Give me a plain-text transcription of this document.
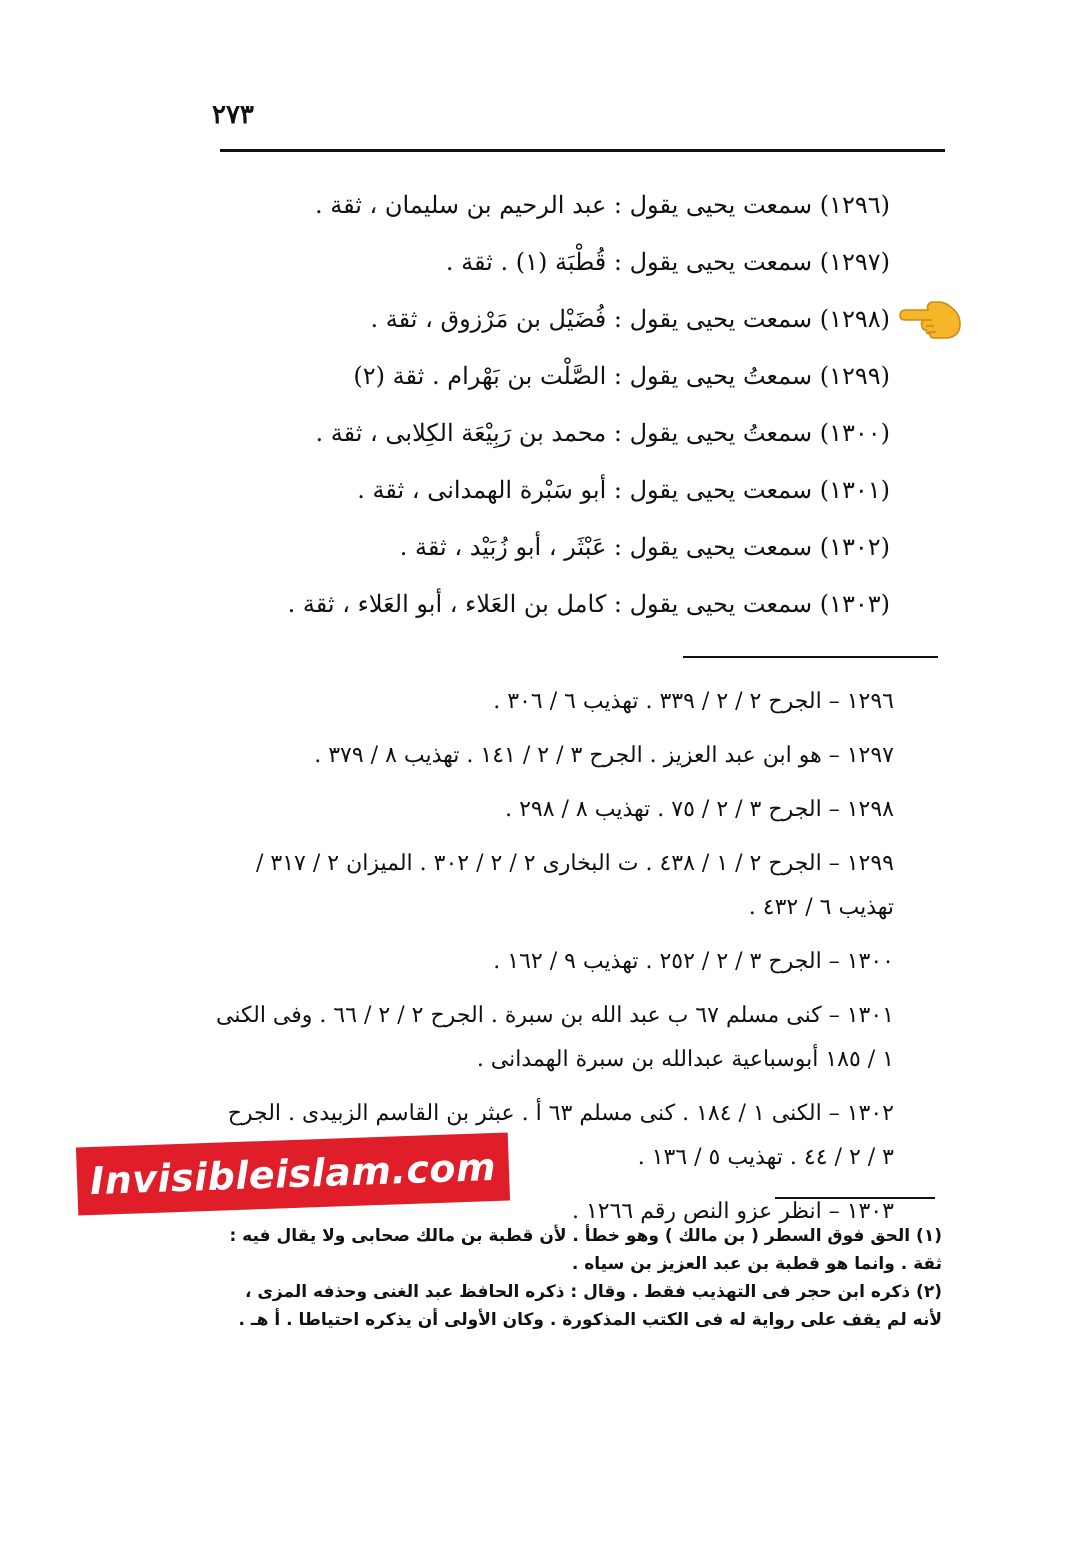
٢٧٣
(١٢٩٦) سمعت يحيى يقول : عبد الرحيم بن سليمان ، ثقة .
(١٢٩٧) سمعت يحيى يقول : قُطْبَة (١) . ثقة .
(١٢٩٨) سمعت يحيى يقول : فُضَيْل بن مَرْزوق ، ثقة .
(١٢٩٩) سمعتُ يحيى يقول : الصَّلْت بن بَهْرام . ثقة (٢)
(١٣٠٠) سمعتُ يحيى يقول : محمد بن رَبِيْعَة الكِلابى ، ثقة .
(١٣٠١) سمعت يحيى يقول : أبو سَبْرة الهمدانى ، ثقة .
(١٣٠٢) سمعت يحيى يقول : عَبْثَر ، أبو زُبَيْد ، ثقة .
(١٣٠٣) سمعت يحيى يقول : كامل بن العَلاء ، أبو العَلاء ، ثقة .
١٢٩٦ – الجرح ٢ / ٢ / ٣٣٩ . تهذيب ٦ / ٣٠٦ .
١٢٩٧ – هو ابن عبد العزيز . الجرح ٣ / ٢ / ١٤١ . تهذيب ٨ / ٣٧٩ .
١٢٩٨ – الجرح ٣ / ٢ / ٧٥ . تهذيب ٨ / ٢٩٨ .
١٢٩٩ – الجرح ٢ / ١ / ٤٣٨ . ت البخارى ٢ / ٢ / ٣٠٢ . الميزان ٢ / ٣١٧ / تهذيب ٦ / ٤٣٢ .
١٣٠٠ – الجرح ٣ / ٢ / ٢٥٢ . تهذيب ٩ / ١٦٢ .
١٣٠١ – كنى مسلم ٦٧ ب عبد الله بن سبرة . الجرح ٢ / ٢ / ٦٦ . وفى الكنى ١ / ١٨٥ أبوسباعية عبدالله بن سبرة الهمدانى .
١٣٠٢ – الكنى ١ / ١٨٤ . كنى مسلم ٦٣ أ . عبثر بن القاسم الزبيدى . الجرح ٣ / ٢ / ٤٤ . تهذيب ٥ / ١٣٦ .
١٣٠٣ – انظر عزو النص رقم ١٢٦٦ .
Invisibleislam.com
(١) الحق فوق السطر ( بن مالك ) وهو خطأ . لأن قطبة بن مالك صحابى ولا يقال فيه : ثقة . وانما هو قطبة بن عبد العزيز بن سياه .
(٢) ذكره ابن حجر فى التهذيب فقط . وقال : ذكره الحافظ عبد الغنى وحذفه المزى ، لأنه لم يقف على رواية له فى الكتب المذكورة . وكان الأولى أن يذكره احتياطا . أ هـ .
